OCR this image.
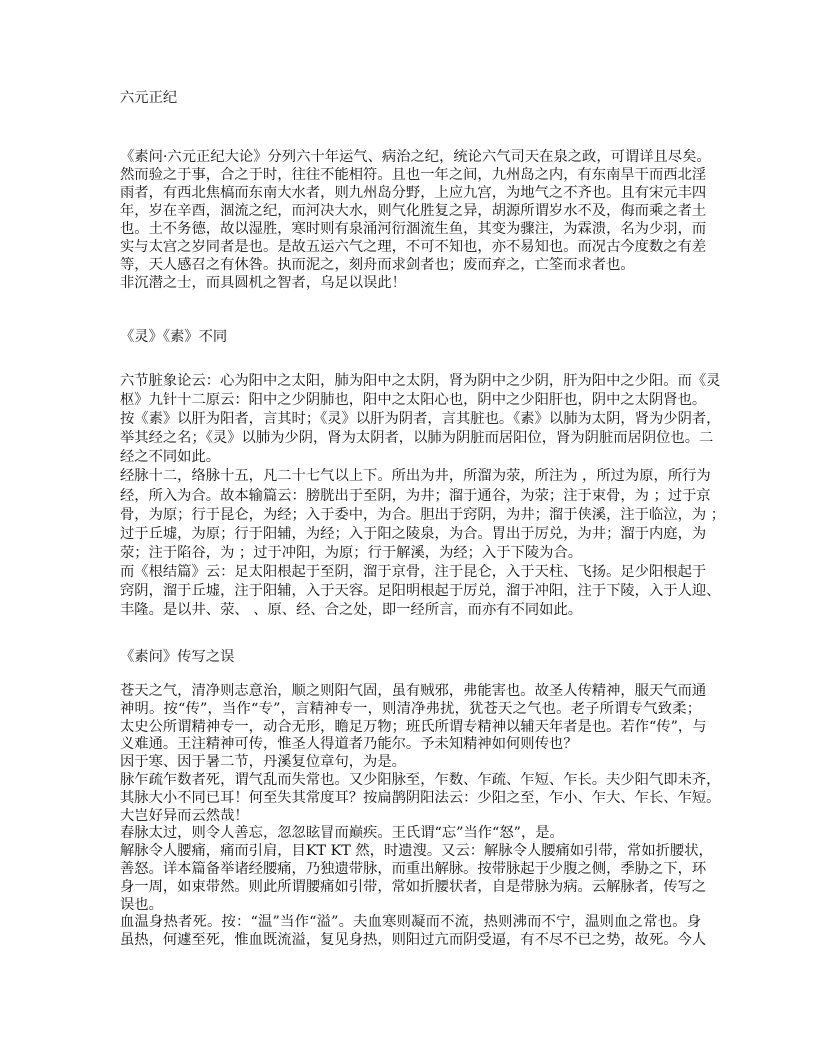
六元正纪
《素问·六元正纪大论》分列六十年运气、病治之纪，统论六气司天在泉之政，可谓详且尽矣。
然而验之于事，合之于时，往往不能相符。且也一年之间，九州岛之内，有东南旱干而西北淫
雨者，有西北焦槁而东南大水者，则九州岛分野，上应九宫，为地气之不齐也。且有宋元丰四
年，岁在辛酉，涸流之纪，而河决大水，则气化胜复之异，胡源所谓岁水不及，侮而乘之者土
也。土不务德，故以湿胜，寒时则有泉涌河衍涸流生鱼，其变为骤注，为霖溃，名为少羽，而
实与太宫之岁同者是也。是故五运六气之理，不可不知也，亦不易知也。而况古今度数之有差
等，天人感召之有休咎。执而泥之，刻舟而求剑者也；废而弃之，亡筌而求者也。
非沉潜之士，而具圆机之智者，乌足以误此！
《灵》《素》不同
六节脏象论云：心为阳中之太阳，肺为阳中之太阴，肾为阴中之少阴，肝为阳中之少阳。而《灵
枢》九针十二原云：阳中之少阴肺也，阳中之太阳心也，阴中之少阳肝也，阴中之太阴肾也。
按《素》以肝为阳者，言其时；《灵》以肝为阴者，言其脏也。《素》以肺为太阴，肾为少阴者，
举其经之名；《灵》以肺为少阴，肾为太阴者，以肺为阴脏而居阳位，肾为阴脏而居阴位也。二
经之不同如此。
经脉十二，络脉十五，凡二十七气以上下。所出为井，所溜为荥，所注为 ，所过为原，所行为
经，所入为合。故本输篇云：膀胱出于至阴，为井；溜于通谷，为荥；注于束骨，为 ；过于京
骨，为原；行于昆仑，为经；入于委中，为合。胆出于窍阴，为井；溜于侠溪，注于临泣，为 ；
过于丘墟，为原；行于阳辅，为经；入于阳之陵泉，为合。胃出于厉兑，为井；溜于内庭，为
荥；注于陷谷，为 ；过于冲阳，为原；行于解溪，为经；入于下陵为合。
而《根结篇》云：足太阳根起于至阴，溜于京骨，注于昆仑，入于天柱、飞扬。足少阳根起于
窍阴，溜于丘墟，注于阳辅，入于天容。足阳明根起于厉兑，溜于冲阳，注于下陵，入于人迎、
丰隆。是以井、荥、 、原、经、合之处，即一经所言，而亦有不同如此。
《素问》传写之误
苍天之气，清净则志意治，顺之则阳气固，虽有贼邪，弗能害也。故圣人传精神，服天气而通
神明。按“传”，当作“专”，言精神专一，则清净弗扰，犹苍天之气也。老子所谓专气致柔；
太史公所谓精神专一，动合无形，瞻足万物；班氏所谓专精神以辅天年者是也。若作“传”，与
义难通。王注精神可传，惟圣人得道者乃能尔。予未知精神如何则传也？
因于寒、因于暑二节，丹溪复位章句，为是。
脉乍疏乍数者死，谓气乱而失常也。又少阳脉至，乍数、乍疏、乍短、乍长。夫少阳气即未齐，
其脉大小不同已耳！何至失其常度耳？按扁鹊阴阳法云：少阳之至，乍小、乍大、乍长、乍短。
大岂好异而云然哉！
春脉太过，则令人善忘，忽忽眩冒而巅疾。王氏谓“忘”当作“怒”，是。
解脉令人腰痛，痛而引肩，目KT KT 然，时遗溲。又云：解脉令人腰痛如引带，常如折腰状，
善怒。详本篇备举诸经腰痛，乃独遗带脉，而重出解脉。按带脉起于少腹之侧，季胁之下，环
身一周，如束带然。则此所谓腰痛如引带，常如折腰状者，自是带脉为病。云解脉者，传写之
误也。
血温身热者死。按：“温”当作“溢”。夫血寒则凝而不流，热则沸而不宁，温则血之常也。身
虽热，何遽至死，惟血既流溢，复见身热，则阳过亢而阴受逼，有不尽不已之势，故死。今人
